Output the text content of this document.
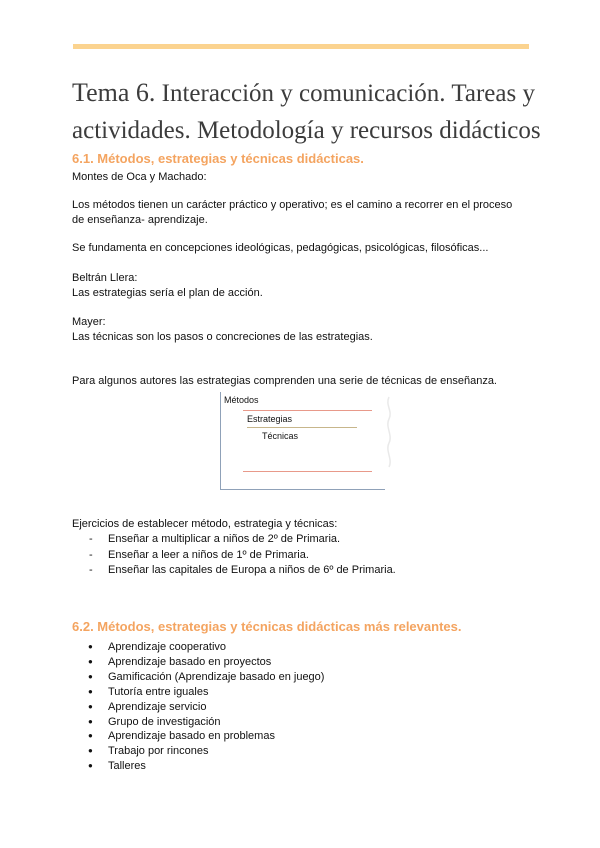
Tema 6. Interacción y comunicación. Tareas y
actividades. Metodología y recursos didácticos
6.1. Métodos, estrategias y técnicas didácticas.

Montes de Oca y Machado:

Los métodos tienen un carácter práctico y operativo; es el camino a recorrer en el proceso

de enseñanza- aprendizaje.

Se fundamenta en concepciones ideológicas, pedagógicas, psicológicas, filosóficas...

Beltrán Llera:

Las estrategias sería el plan de acción.

Mayer:

Las técnicas son los pasos o concreciones de las estrategias.

Para algunos autores las estrategias comprenden una serie de técnicas de enseñanza.

Métodos
Estrategias
Técnicas

Ejercicios de establecer método, estrategia y técnicas:

- Enseñar a multiplicar a niños de 2º de Primaria.
- Enseñar a leer a niños de 1º de Primaria.
- Enseñar las capitales de Europa a niños de 6º de Primaria.
6.2. Métodos, estrategias y técnicas didácticas más relevantes.
● Aprendizaje cooperativo
● Aprendizaje basado en proyectos
● Gamificación (Aprendizaje basado en juego)
● Tutoría entre iguales
● Aprendizaje servicio
● Grupo de investigación
● Aprendizaje basado en problemas
● Trabajo por rincones
● Talleres
